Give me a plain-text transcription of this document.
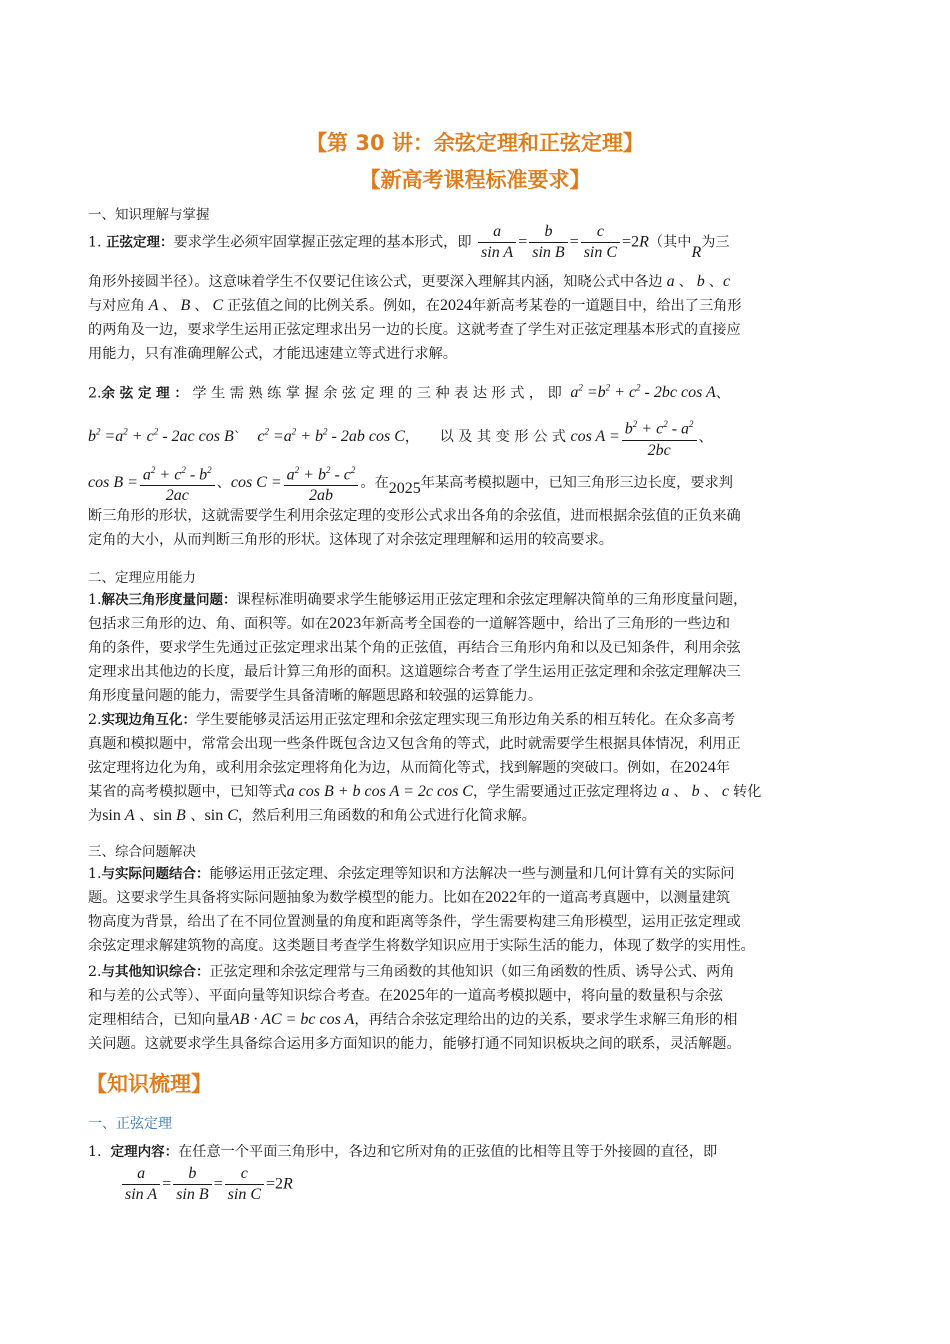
【第 30 讲：余弦定理和正弦定理】
【新高考课程标准要求】
一、知识理解与掌握
1. 正弦定理：要求学生必须牢固掌握正弦定理的基本形式，即 $\frac{a}{\text{sin A}} = \frac{b}{\text{sin B}} = \frac{c}{\text{sin C}} =2R$（其中R为三
角形外接圆半径）。这意味着学生不仅要记住该公式，更要深入理解其内涵，知晓公式中各边 a 、 b 、c
与对应角 A 、 B 、 C 正弦值之间的比例关系。例如，在2024年新高考某卷的一道题目中，给出了三角形
的两角及一边，要求学生运用正弦定理求出另一边的长度。这就考查了学生对正弦定理基本形式的直接应
用能力，只有准确理解公式，才能迅速建立等式进行求解。
2.余 弦 定 理 ： 学 生 需 熟 练 掌 握 余 弦 定 理 的 三 种 表 达 形 式 ， 即  $a^2 =b^2 + c^2 - 2bc$ cos A、
$b^2 =a^2 + c^2 - 2ac$ cos B` $c^2 =a^2 + b^2 - 2ab$ cos C， 以 及 其 变 形 公 式 $\cos A = \frac{b^2 + c^2 - a^2}{2bc}$ 、
$\cos B = \frac{a^2 + c^2 - b^2}{2ac}$ 、$\cos C = \frac{a^2 + b^2 - c^2}{2ab}$ 。在2025年某高考模拟题中，已知三角形三边长度，要求判
断三角形的形状，这就需要学生利用余弦定理的变形公式求出各角的余弦值，进而根据余弦值的正负来确
定角的大小，从而判断三角形的形状。这体现了对余弦定理理解和运用的较高要求。
二、定理应用能力
1.解决三角形度量问题：课程标准明确要求学生能够运用正弦定理和余弦定理解决简单的三角形度量问题，
包括求三角形的边、角、面积等。如在2023年新高考全国卷的一道解答题中，给出了三角形的一些边和
角的条件，要求学生先通过正弦定理求出某个角的正弦值，再结合三角形内角和以及已知条件，利用余弦
定理求出其他边的长度，最后计算三角形的面积。这道题综合考查了学生运用正弦定理和余弦定理解决三
角形度量问题的能力，需要学生具备清晰的解题思路和较强的运算能力。
2.实现边角互化：学生要能够灵活运用正弦定理和余弦定理实现三角形边角关系的相互转化。在众多高考
真题和模拟题中，常常会出现一些条件既包含边又包含角的等式，此时就需要学生根据具体情况，利用正
弦定理将边化为角，或利用余弦定理将角化为边，从而简化等式，找到解题的突破口。例如，在2024年
某省的高考模拟题中，已知等式a cos B + b cos A = 2c cos C，学生需要通过正弦定理将边 a 、 b 、 c 转化
为sin A 、sin B 、sin C，然后利用三角函数的和角公式进行化简求解。
三、综合问题解决
1.与实际问题结合：能够运用正弦定理、余弦定理等知识和方法解决一些与测量和几何计算有关的实际问
题。这要求学生具备将实际问题抽象为数学模型的能力。比如在2022年的一道高考真题中，以测量建筑
物高度为背景，给出了在不同位置测量的角度和距离等条件，学生需要构建三角形模型，运用正弦定理或
余弦定理求解建筑物的高度。这类题目考查学生将数学知识应用于实际生活的能力，体现了数学的实用性。
2.与其他知识综合：正弦定理和余弦定理常与三角函数的其他知识（如三角函数的性质、诱导公式、两角
和与差的公式等）、平面向量等知识综合考查。在2025年的一道高考模拟题中，将向量的数量积与余弦
定理相结合，已知向量AB · AC = bc cos A，再结合余弦定理给出的边的关系，要求学生求解三角形的相
关问题。这就要求学生具备综合运用多方面知识的能力，能够打通不同知识板块之间的联系，灵活解题。
【知识梳理】
一、正弦定理
1. 定理内容：在任意一个平面三角形中，各边和它所对角的正弦值的比相等且等于外接圆的直径，即
$\frac{a}{\text{sin A}} = \frac{b}{\text{sin B}} = \frac{c}{\text{sin C}} =2R$
